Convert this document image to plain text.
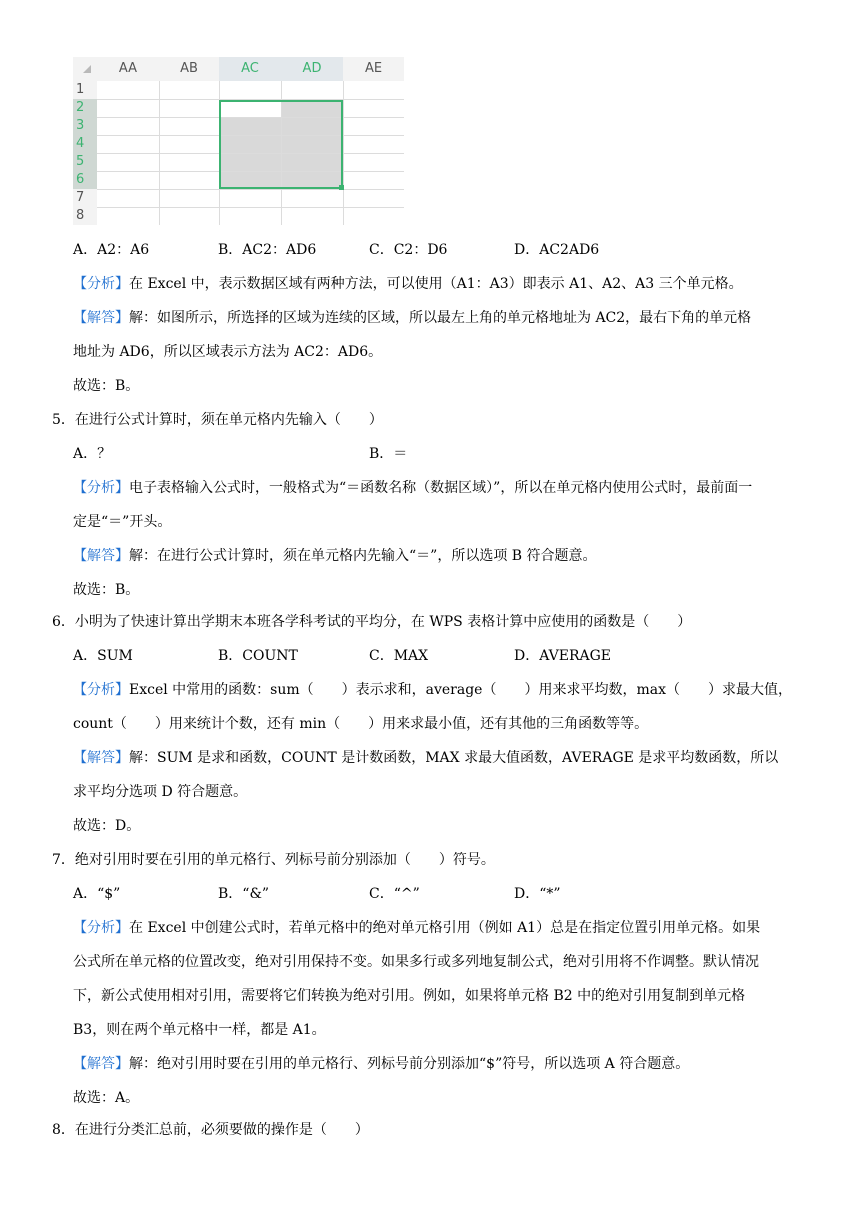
AA	AB	AC	AD	AE
1
2
3
4
5
6
7
8
A．A2：A6	B．AC2：AD6	C．C2：D6	D．AC2AD6
【分析】在 Excel 中，表示数据区域有两种方法，可以使用（A1：A3）即表示 A1、A2、A3 三个单元格。
【解答】解：如图所示，所选择的区域为连续的区域，所以最左上角的单元格地址为 AC2，最右下角的单元格
地址为 AD6，所以区域表示方法为 AC2：AD6。
故选：B。
5．在进行公式计算时，须在单元格内先输入（　　）
A．？	B．＝
【分析】电子表格输入公式时，一般格式为“＝函数名称（数据区域）”，所以在单元格内使用公式时，最前面一
定是“＝”开头。
【解答】解：在进行公式计算时，须在单元格内先输入“＝”，所以选项 B 符合题意。
故选：B。
6．小明为了快速计算出学期末本班各学科考试的平均分，在 WPS 表格计算中应使用的函数是（　　）
A．SUM	B．COUNT	C．MAX	D．AVERAGE
【分析】Excel 中常用的函数：sum（　　）表示求和，average（　　）用来求平均数，max（　　）求最大值，
count（　　）用来统计个数，还有 min（　　）用来求最小值，还有其他的三角函数等等。
【解答】解：SUM 是求和函数，COUNT 是计数函数，MAX 求最大值函数，AVERAGE 是求平均数函数，所以
求平均分选项 D 符合题意。
故选：D。
7．绝对引用时要在引用的单元格行、列标号前分别添加（　　）符号。
A．“$”	B．“&”	C．“^”	D．“*”
【分析】在 Excel 中创建公式时，若单元格中的绝对单元格引用（例如 A1）总是在指定位置引用单元格。如果
公式所在单元格的位置改变，绝对引用保持不变。如果多行或多列地复制公式，绝对引用将不作调整。默认情况
下，新公式使用相对引用，需要将它们转换为绝对引用。例如，如果将单元格 B2 中的绝对引用复制到单元格
B3，则在两个单元格中一样，都是 A1。
【解答】解：绝对引用时要在引用的单元格行、列标号前分别添加“$”符号，所以选项 A 符合题意。
故选：A。
8．在进行分类汇总前，必须要做的操作是（　　）
